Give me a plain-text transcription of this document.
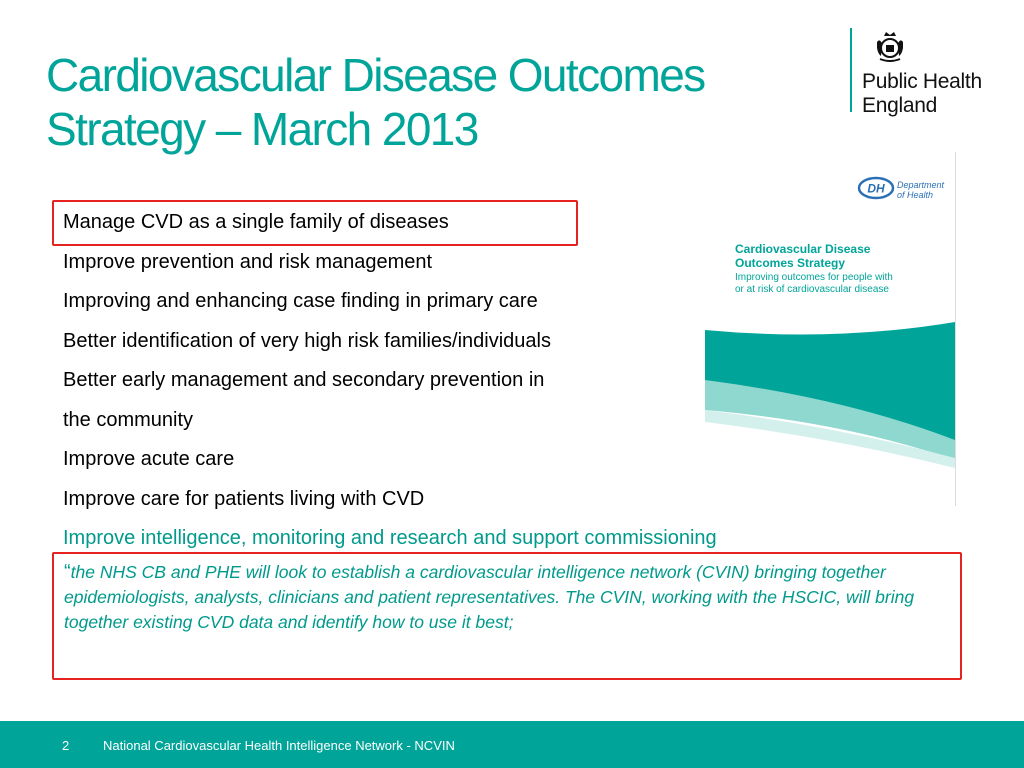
Cardiovascular Disease Outcomes
Strategy – March 2013
Public Health
England
Manage CVD as a single family of diseases
Improve prevention and risk management
Improving and enhancing case finding in primary care
Better identification of very high risk families/individuals
Better early management and secondary prevention in
the community
Improve acute care
Improve care for patients living with CVD
Improve intelligence, monitoring and research and support commissioning
DH Department
of Health
Cardiovascular Disease
Outcomes Strategy
Improving outcomes for people with
or at risk of cardiovascular disease

“the NHS CB and PHE will look to establish a cardiovascular intelligence network (CVIN) bringing together epidemiologists, analysts, clinicians and patient representatives. The CVIN, working with the HSCIC, will bring together existing CVD data and identify how to use it best;

2	National Cardiovascular Health Intelligence Network - NCVIN
